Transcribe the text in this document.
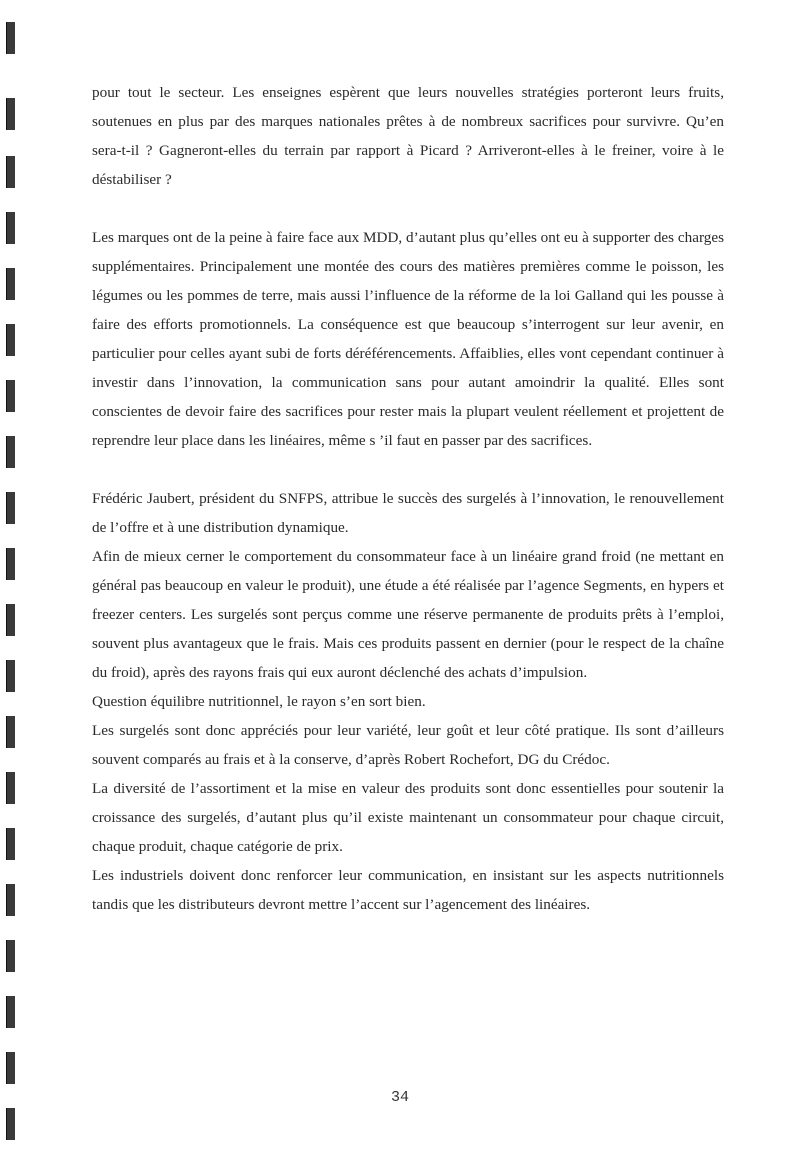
pour tout le secteur. Les enseignes espèrent que leurs nouvelles stratégies porteront leurs fruits, soutenues en plus par des marques nationales prêtes à de nombreux sacrifices pour survivre. Qu’en sera-t-il ? Gagneront-elles du terrain par rapport à Picard ? Arriveront-elles à le freiner, voire à le déstabiliser ?

Les marques ont de la peine à faire face aux MDD, d’autant plus qu’elles ont eu à supporter des charges supplémentaires. Principalement une montée des cours des matières premières comme le poisson, les légumes ou les pommes de terre, mais aussi l’influence de la réforme de la loi Galland qui les pousse à faire des efforts promotionnels. La conséquence est que beaucoup s’interrogent sur leur avenir, en particulier pour celles ayant subi de forts déréférencements. Affaiblies, elles vont cependant continuer à investir dans l’innovation, la communication sans pour autant amoindrir la qualité. Elles sont conscientes de devoir faire des sacrifices pour rester mais la plupart veulent réellement et projettent de reprendre leur place dans les linéaires, même s ’il faut en passer par des sacrifices.

Frédéric Jaubert, président du SNFPS, attribue le succès des surgelés à l’innovation, le renouvellement de l’offre et à une distribution dynamique.

Afin de mieux cerner le comportement du consommateur face à un linéaire grand froid (ne mettant en général pas beaucoup en valeur le produit), une étude a été réalisée par l’agence Segments, en hypers et freezer centers. Les surgelés sont perçus comme une réserve permanente de produits prêts à l’emploi, souvent plus avantageux que le frais. Mais ces produits passent en dernier (pour le respect de la chaîne du froid), après des rayons frais qui eux auront déclenché des achats d’impulsion.

Question équilibre nutritionnel, le rayon s’en sort bien.

Les surgelés sont donc appréciés pour leur variété, leur goût et leur côté pratique. Ils sont d’ailleurs souvent comparés au frais et à la conserve, d’après Robert Rochefort, DG du Crédoc.

La diversité de l’assortiment et la mise en valeur des produits sont donc essentielles pour soutenir la croissance des surgelés, d’autant plus qu’il existe maintenant un consommateur pour chaque circuit, chaque produit, chaque catégorie de prix.

Les industriels doivent donc renforcer leur communication, en insistant sur les aspects nutritionnels tandis que les distributeurs devront mettre l’accent sur l’agencement des linéaires.

34
